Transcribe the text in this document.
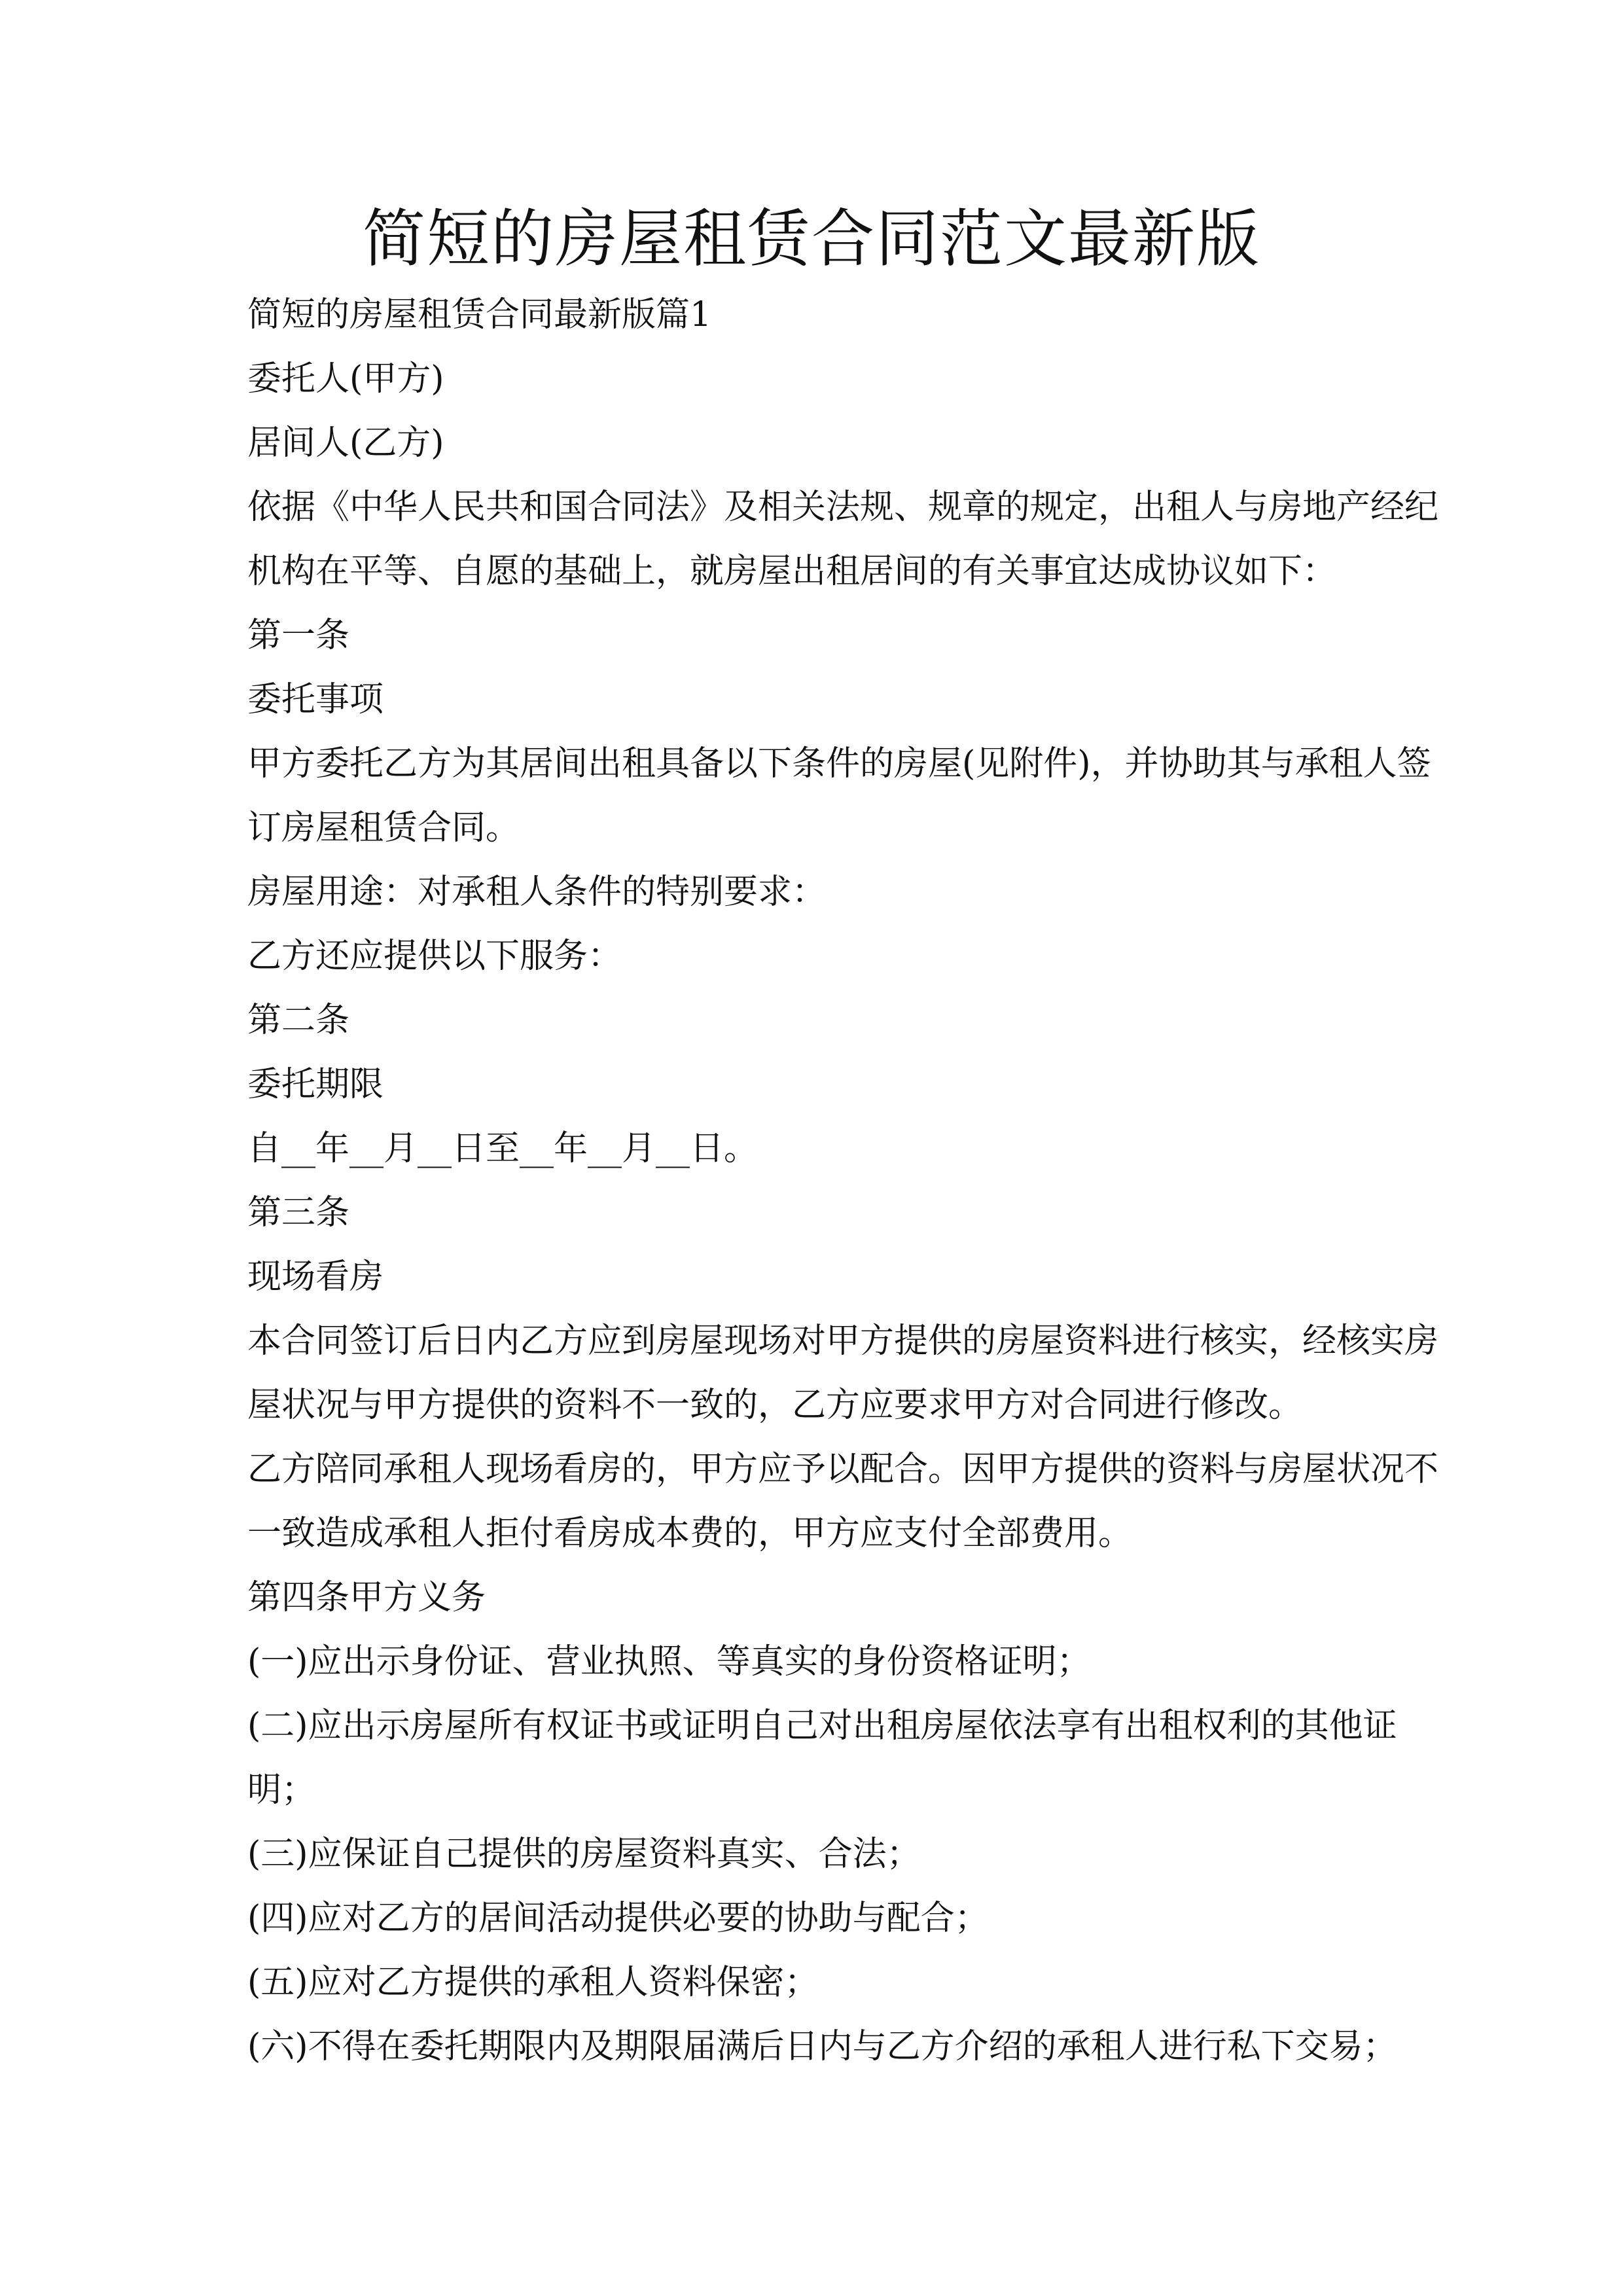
简短的房屋租赁合同范文最新版

简短的房屋租赁合同最新版篇1

委托人(甲方)

居间人(乙方)

依据《中华人民共和国合同法》及相关法规、规章的规定，出租人与房地产经纪

机构在平等、自愿的基础上，就房屋出租居间的有关事宜达成协议如下：

第一条

委托事项

甲方委托乙方为其居间出租具备以下条件的房屋(见附件)，并协助其与承租人签

订房屋租赁合同。

房屋用途：对承租人条件的特别要求：

乙方还应提供以下服务：

第二条

委托期限

自__年__月__日至__年__月__日。

第三条

现场看房

本合同签订后日内乙方应到房屋现场对甲方提供的房屋资料进行核实，经核实房

屋状况与甲方提供的资料不一致的，乙方应要求甲方对合同进行修改。

乙方陪同承租人现场看房的，甲方应予以配合。因甲方提供的资料与房屋状况不

一致造成承租人拒付看房成本费的，甲方应支付全部费用。

第四条甲方义务

(一)应出示身份证、营业执照、等真实的身份资格证明；

(二)应出示房屋所有权证书或证明自己对出租房屋依法享有出租权利的其他证

明；

(三)应保证自己提供的房屋资料真实、合法；

(四)应对乙方的居间活动提供必要的协助与配合；

(五)应对乙方提供的承租人资料保密；

(六)不得在委托期限内及期限届满后日内与乙方介绍的承租人进行私下交易；
